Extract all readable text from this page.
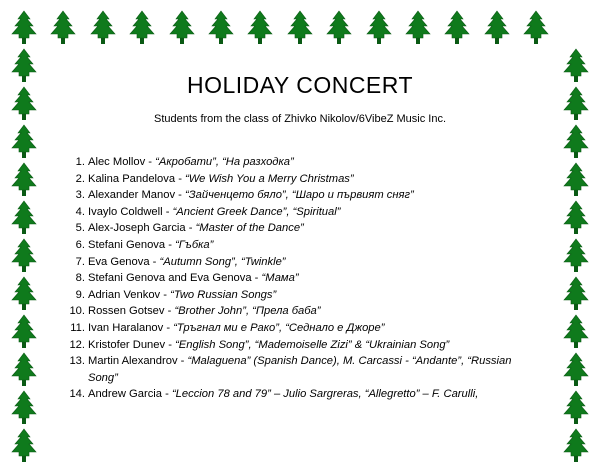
HOLIDAY CONCERT
Students from the class of Zhivko Nikolov/6VibeZ Music Inc.
1. Alec Mollov - “Акробати”, “На разходка”
2. Kalina Pandelova - “We Wish You a Merry Christmas”
3. Alexander Manov - “Зайченцето бяло”, “Шаро и първият сняг”
4. Ivaylo Coldwell - “Ancient Greek Dance”, “Spiritual”
5. Alex-Joseph Garcia - “Master of the Dance”
6. Stefani Genova - “Гъбка”
7. Eva Genova - “Autumn Song”, “Twinkle”
8. Stefani Genova and Eva Genova - “Мама”
9. Adrian Venkov - “Two Russian Songs”
10. Rossen Gotsev - “Brother John”, “Прела баба”
11. Ivan Haralanov - “Тръгнал ми е Рако”, “Седнало е Джоре”
12. Kristofer Dunev - “English Song”, “Mademoiselle Zizi” & “Ukrainian Song”
13. Martin Alexandrov - “Malaguena” (Spanish Dance), M. Carcassi - “Andante”, “Russian Song”
14. Andrew Garcia - “Leccion 78 and 79” – Julio Sargreras, “Allegretto” – F. Carulli,
